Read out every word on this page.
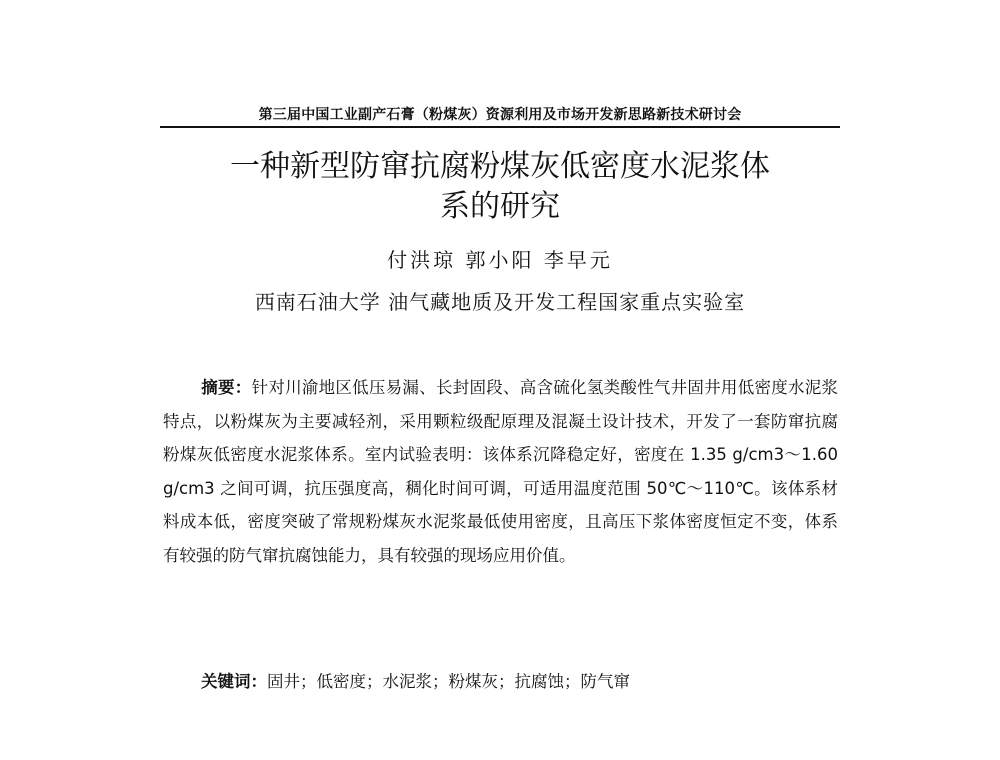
第三届中国工业副产石膏（粉煤灰）资源利用及市场开发新思路新技术研讨会
一种新型防窜抗腐粉煤灰低密度水泥浆体
系的研究
付洪琼 郭小阳 李早元
西南石油大学 油气藏地质及开发工程国家重点实验室
摘要：针对川渝地区低压易漏、长封固段、高含硫化氢类酸性气井固井用低密度水泥浆特点，以粉煤灰为主要减轻剂，采用颗粒级配原理及混凝土设计技术，开发了一套防窜抗腐粉煤灰低密度水泥浆体系。室内试验表明：该体系沉降稳定好，密度在 1.35 g/cm3～1.60 g/cm3 之间可调，抗压强度高，稠化时间可调，可适用温度范围 50℃～110℃。该体系材料成本低，密度突破了常规粉煤灰水泥浆最低使用密度，且高压下浆体密度恒定不变，体系有较强的防气窜抗腐蚀能力，具有较强的现场应用价值。
关键词：固井；低密度；水泥浆；粉煤灰；抗腐蚀；防气窜
